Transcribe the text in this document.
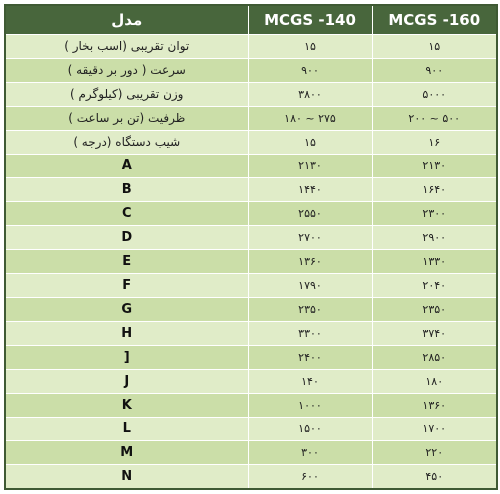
مدل	MCGS -140	MCGS -160
توان تقریبی (اسب بخار )	۱۵	۱۵
سرعت ( دور بر دقیقه )	۹۰۰	۹۰۰
وزن تقریبی (کیلوگرم )	۳۸۰۰	۵۰۰۰
ظرفیت (تن بر ساعت )	۱۸۰ ~ ۲۷۵	۲۰۰ ~ ۵۰۰
شیب دستگاه (درجه )	۱۵	۱۶
A	۲۱۳۰	۲۱۳۰
B	۱۴۴۰	۱۶۴۰
C	۲۵۵۰	۲۳۰۰
D	۲۷۰۰	۲۹۰۰
E	۱۳۶۰	۱۳۳۰
F	۱۷۹۰	۲۰۴۰
G	۲۳۵۰	۲۳۵۰
H	۳۳۰۰	۳۷۴۰
]	۲۴۰۰	۲۸۵۰
J	۱۴۰	۱۸۰
K	۱۰۰۰	۱۳۶۰
L	۱۵۰۰	۱۷۰۰
M	۳۰۰	۲۲۰
N	۶۰۰	۴۵۰
